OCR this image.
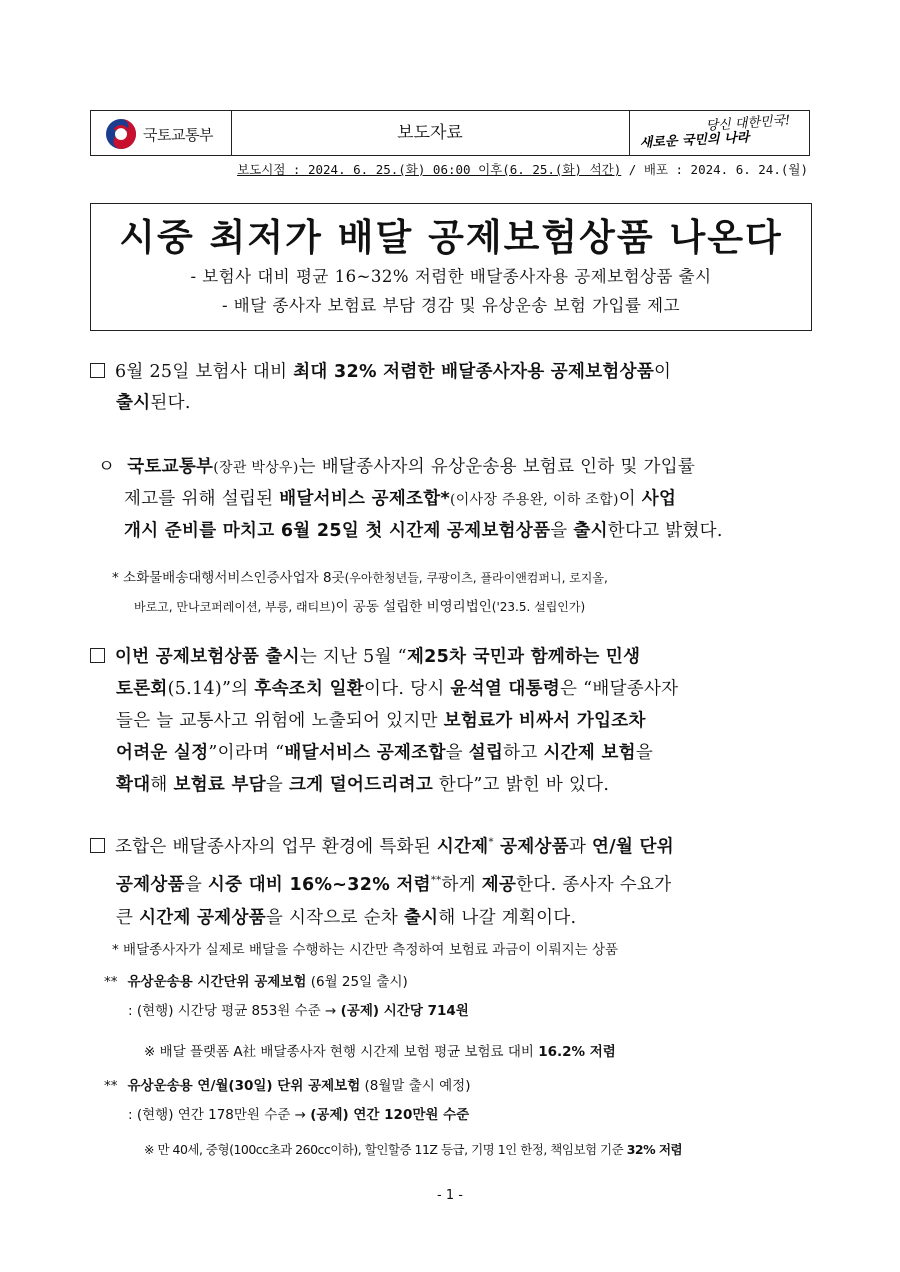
국토교통부	보도자료	당신 대한민국!
새로운 국민의 나라
보도시점 : 2024. 6. 25.(화) 06:00 이후(6. 25.(화) 석간) / 배포 : 2024. 6. 24.(월)
시중 최저가 배달 공제보험상품 나온다
- 보험사 대비 평균 16~32% 저렴한 배달종사자용 공제보험상품 출시
- 배달 종사자 보험료 부담 경감 및 유상운송 보험 가입률 제고
6월 25일 보험사 대비 최대 32% 저렴한 배달종사자용 공제보험상품이
출시된다.
ㅇ 국토교통부(장관 박상우)는 배달종사자의 유상운송용 보험료 인하 및 가입률
제고를 위해 설립된 배달서비스 공제조합*(이사장 주용완, 이하 조합)이 사업
개시 준비를 마치고 6월 25일 첫 시간제 공제보험상품을 출시한다고 밝혔다.
* 소화물배송대행서비스인증사업자 8곳(우아한청년들, 쿠팡이츠, 플라이앤컴퍼니, 로지올,
바로고, 만나코퍼레이션, 부릉, 래티브)이 공동 설립한 비영리법인('23.5. 설립인가)
이번 공제보험상품 출시는 지난 5월 “제25차 국민과 함께하는 민생
토론회(5.14)”의 후속조치 일환이다. 당시 윤석열 대통령은 “배달종사자
들은 늘 교통사고 위험에 노출되어 있지만 보험료가 비싸서 가입조차
어려운 실정”이라며 “배달서비스 공제조합을 설립하고 시간제 보험을
확대해 보험료 부담을 크게 덜어드리려고 한다”고 밝힌 바 있다.
조합은 배달종사자의 업무 환경에 특화된 시간제* 공제상품과 연/월 단위
공제상품을 시중 대비 16%~32% 저렴**하게 제공한다. 종사자 수요가
큰 시간제 공제상품을 시작으로 순차 출시해 나갈 계획이다.
* 배달종사자가 실제로 배달을 수행하는 시간만 측정하여 보험료 과금이 이뤄지는 상품
** 유상운송용 시간단위 공제보험 (6월 25일 출시)
: (현행) 시간당 평균 853원 수준 → (공제) 시간당 714원
※ 배달 플랫폼 A社 배달종사자 현행 시간제 보험 평균 보험료 대비 16.2% 저렴
** 유상운송용 연/월(30일) 단위 공제보험 (8월말 출시 예정)
: (현행) 연간 178만원 수준 → (공제) 연간 120만원 수준
※ 만 40세, 중형(100cc초과 260cc이하), 할인할증 11Z 등급, 기명 1인 한정, 책임보험 기준 32% 저렴
- 1 -
